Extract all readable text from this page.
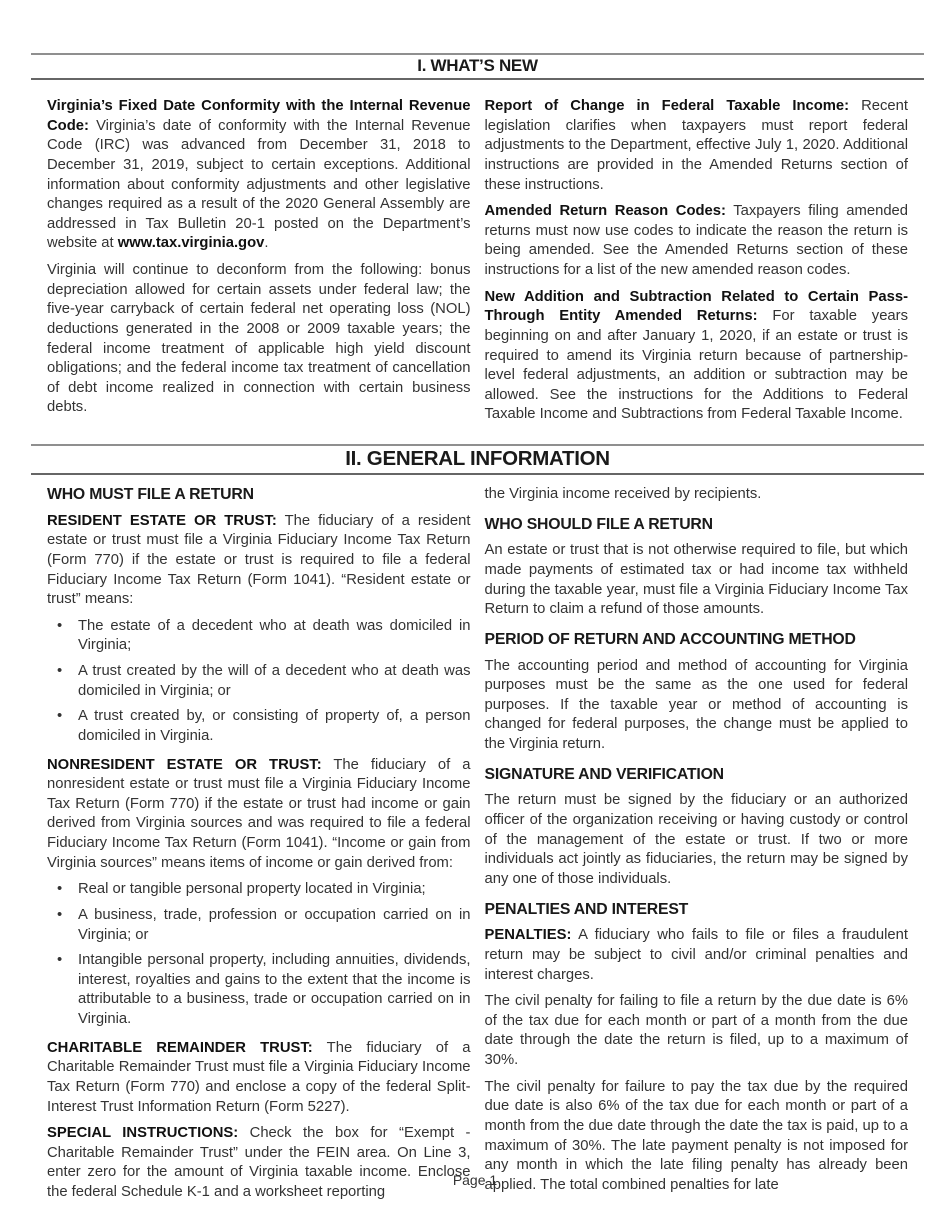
I. WHAT’S NEW

Virginia’s Fixed Date Conformity with the Internal Revenue Code: Virginia’s date of conformity with the Internal Revenue Code (IRC) was advanced from December 31, 2018 to December 31, 2019, subject to certain exceptions. Additional information about conformity adjustments and other legislative changes required as a result of the 2020 General Assembly are addressed in Tax Bulletin 20-1 posted on the Department’s website at www.tax.virginia.gov.

Virginia will continue to deconform from the following: bonus depreciation allowed for certain assets under federal law; the five-year carryback of certain federal net operating loss (NOL) deductions generated in the 2008 or 2009 taxable years; the federal income treatment of applicable high yield discount obligations; and the federal income tax treatment of cancellation of debt income realized in connection with certain business debts.

Report of Change in Federal Taxable Income: Recent legislation clarifies when taxpayers must report federal adjustments to the Department, effective July 1, 2020. Additional instructions are provided in the Amended Returns section of these instructions.

Amended Return Reason Codes: Taxpayers filing amended returns must now use codes to indicate the reason the return is being amended. See the Amended Returns section of these instructions for a list of the new amended reason codes.

New Addition and Subtraction Related to Certain Pass-Through Entity Amended Returns: For taxable years beginning on and after January 1, 2020, if an estate or trust is required to amend its Virginia return because of partnership-level federal adjustments, an addition or subtraction may be allowed. See the instructions for the Additions to Federal Taxable Income and Subtractions from Federal Taxable Income.

II. GENERAL INFORMATION
WHO MUST FILE A RETURN

RESIDENT ESTATE OR TRUST: The fiduciary of a resident estate or trust must file a Virginia Fiduciary Income Tax Return (Form 770) if the estate or trust is required to file a federal Fiduciary Income Tax Return (Form 1041). “Resident estate or trust” means:

• The estate of a decedent who at death was domiciled in Virginia;
• A trust created by the will of a decedent who at death was domiciled in Virginia; or
• A trust created by, or consisting of property of, a person domiciled in Virginia.

NONRESIDENT ESTATE OR TRUST: The fiduciary of a nonresident estate or trust must file a Virginia Fiduciary Income Tax Return (Form 770) if the estate or trust had income or gain derived from Virginia sources and was required to file a federal Fiduciary Income Tax Return (Form 1041). “Income or gain from Virginia sources” means items of income or gain derived from:

• Real or tangible personal property located in Virginia;
• A business, trade, profession or occupation carried on in Virginia; or
• Intangible personal property, including annuities, dividends, interest, royalties and gains to the extent that the income is attributable to a business, trade or occupation carried on in Virginia.

CHARITABLE REMAINDER TRUST: The fiduciary of a Charitable Remainder Trust must file a Virginia Fiduciary Income Tax Return (Form 770) and enclose a copy of the federal Split-Interest Trust Information Return (Form 5227).

SPECIAL INSTRUCTIONS: Check the box for “Exempt - Charitable Remainder Trust” under the FEIN area. On Line 3, enter zero for the amount of Virginia taxable income. Enclose the federal Schedule K-1 and a worksheet reporting

the Virginia income received by recipients.

WHO SHOULD FILE A RETURN

An estate or trust that is not otherwise required to file, but which made payments of estimated tax or had income tax withheld during the taxable year, must file a Virginia Fiduciary Income Tax Return to claim a refund of those amounts.

PERIOD OF RETURN AND ACCOUNTING METHOD

The accounting period and method of accounting for Virginia purposes must be the same as the one used for federal purposes. If the taxable year or method of accounting is changed for federal purposes, the change must be applied to the Virginia return.

SIGNATURE AND VERIFICATION

The return must be signed by the fiduciary or an authorized officer of the organization receiving or having custody or control of the management of the estate or trust. If two or more individuals act jointly as fiduciaries, the return may be signed by any one of those individuals.

PENALTIES AND INTEREST

PENALTIES: A fiduciary who fails to file or files a fraudulent return may be subject to civil and/or criminal penalties and interest charges.

The civil penalty for failing to file a return by the due date is 6% of the tax due for each month or part of a month from the due date through the date the return is filed, up to a maximum of 30%.

The civil penalty for failure to pay the tax due by the required due date is also 6% of the tax due for each month or part of a month from the due date through the date the tax is paid, up to a maximum of 30%. The late payment penalty is not imposed for any month in which the late filing penalty has already been applied. The total combined penalties for late

Page 1
